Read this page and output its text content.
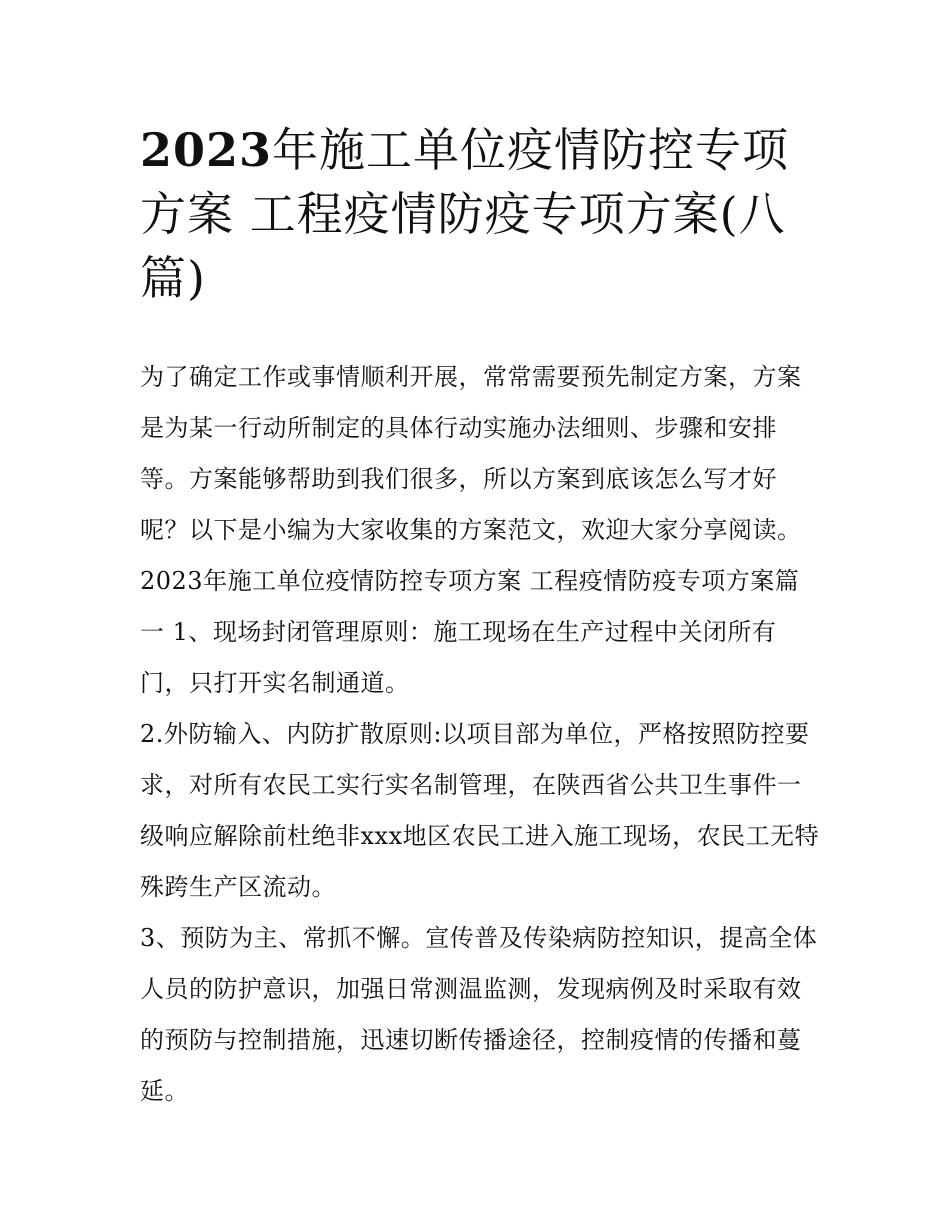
2023年施工单位疫情防控专项方案 工程疫情防疫专项方案(八篇)

为了确定工作或事情顺利开展，常常需要预先制定方案，方案是为某一行动所制定的具体行动实施办法细则、步骤和安排等。方案能够帮助到我们很多，所以方案到底该怎么写才好呢？以下是小编为大家收集的方案范文，欢迎大家分享阅读。

2023年施工单位疫情防控专项方案 工程疫情防疫专项方案篇一 1、现场封闭管理原则：施工现场在生产过程中关闭所有门，只打开实名制通道。

2.外防输入、内防扩散原则:以项目部为单位，严格按照防控要求，对所有农民工实行实名制管理，在陕西省公共卫生事件一级响应解除前杜绝非xxx地区农民工进入施工现场，农民工无特殊跨生产区流动。

3、预防为主、常抓不懈。宣传普及传染病防控知识，提高全体人员的防护意识，加强日常测温监测，发现病例及时采取有效的预防与控制措施，迅速切断传播途径，控制疫情的传播和蔓延。
